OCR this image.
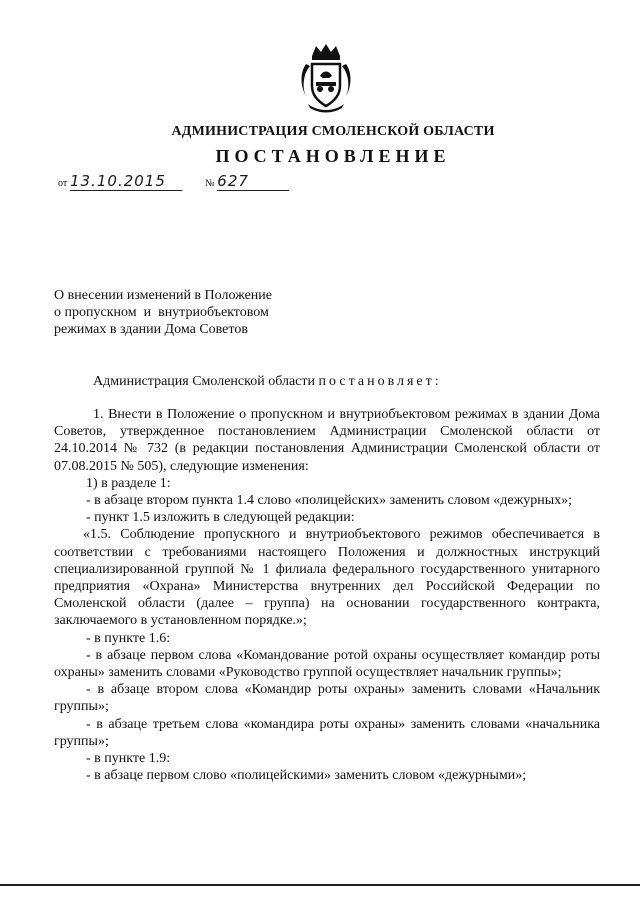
АДМИНИСТРАЦИЯ СМОЛЕНСКОЙ ОБЛАСТИ
ПОСТАНОВЛЕНИЕ
от 13.10.2015	№ 627
О внесении изменений в Положение
о пропускном  и  внутриобъектовом
режимах в здании Дома Советов
Администрация Смоленской области постановляет:

1. Внести в Положение о пропускном и внутриобъектовом режимах в здании Дома Советов, утвержденное постановлением Администрации Смоленской области от 24.10.2014 № 732 (в редакции постановления Администрации Смоленской области от 07.08.2015 № 505), следующие изменения:

1) в разделе 1:

- в абзаце втором пункта 1.4 слово «полицейских» заменить словом «дежурных»;

- пункт 1.5 изложить в следующей редакции:

«1.5. Соблюдение пропускного и внутриобъектового режимов обеспечивается в соответствии с требованиями настоящего Положения и должностных инструкций специализированной группой № 1 филиала федерального государственного унитарного предприятия «Охрана» Министерства внутренних дел Российской Федерации по Смоленской области (далее – группа) на основании государственного контракта, заключаемого в установленном порядке.»;

- в пункте 1.6:

- в абзаце первом слова «Командование ротой охраны осуществляет командир роты охраны» заменить словами «Руководство группой осуществляет начальник группы»;

- в абзаце втором слова «Командир роты охраны» заменить словами «Начальник группы»;

- в абзаце третьем слова «командира роты охраны» заменить словами «начальника группы»;

- в пункте 1.9:

- в абзаце первом слово «полицейскими» заменить словом «дежурными»;
